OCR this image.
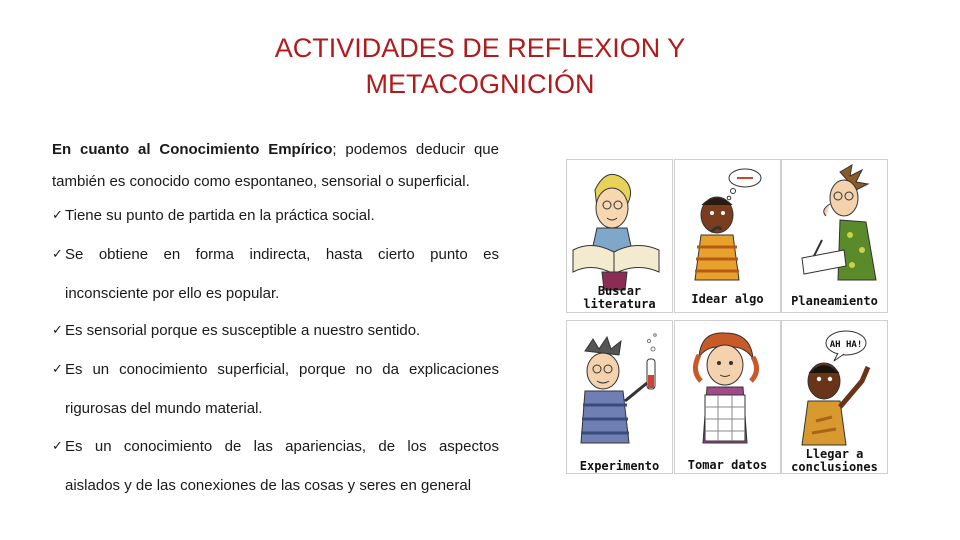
ACTIVIDADES DE REFLEXION Y
METACOGNICIÓN
En cuanto al Conocimiento Empírico; podemos deducir que
también es conocido como espontaneo, sensorial o superficial.
✓ Tiene su punto de partida en la práctica social.
✓ Se obtiene en forma indirecta, hasta cierto punto es
inconsciente por ello es popular.
✓ Es sensorial porque es susceptible a nuestro sentido.
✓ Es un conocimiento superficial, porque no da explicaciones
rigurosas del mundo material.
✓ Es un conocimiento de las apariencias, de los aspectos
aislados y de las conexiones de las cosas y seres en general
Buscar
literatura	Idear algo	Planeamiento
Experimento	Tomar datos
AH HA!
Llegar a
conclusiones
